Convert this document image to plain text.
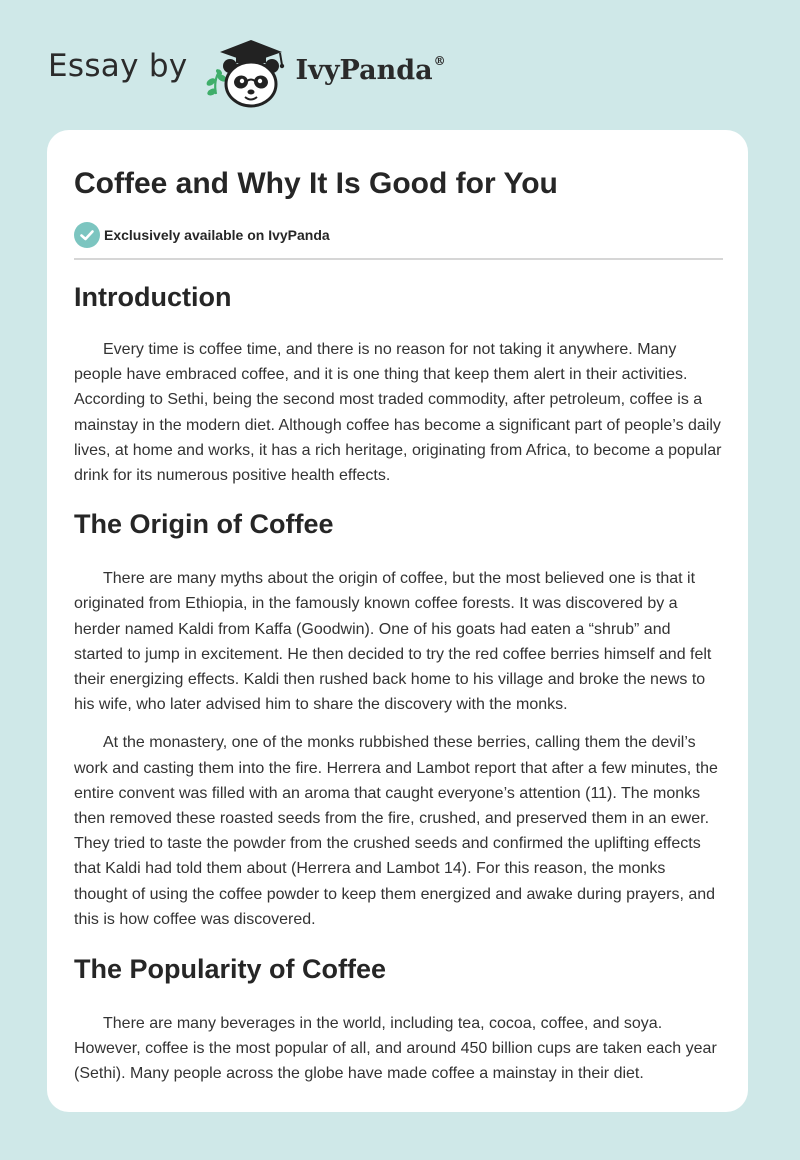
Essay by	IvyPanda®
Coffee and Why It Is Good for You
Exclusively available on IvyPanda
Introduction

Every time is coffee time, and there is no reason for not taking it anywhere. Many people have embraced coffee, and it is one thing that keep them alert in their activities. According to Sethi, being the second most traded commodity, after petroleum, coffee is a mainstay in the modern diet. Although coffee has become a significant part of people’s daily lives, at home and works, it has a rich heritage, originating from Africa, to become a popular drink for its numerous positive health effects.

The Origin of Coffee

There are many myths about the origin of coffee, but the most believed one is that it originated from Ethiopia, in the famously known coffee forests. It was discovered by a herder named Kaldi from Kaffa (Goodwin). One of his goats had eaten a “shrub” and started to jump in excitement. He then decided to try the red coffee berries himself and felt their energizing effects. Kaldi then rushed back home to his village and broke the news to his wife, who later advised him to share the discovery with the monks.

At the monastery, one of the monks rubbished these berries, calling them the devil’s work and casting them into the fire. Herrera and Lambot report that after a few minutes, the entire convent was filled with an aroma that caught everyone’s attention (11). The monks then removed these roasted seeds from the fire, crushed, and preserved them in an ewer. They tried to taste the powder from the crushed seeds and confirmed the uplifting effects that Kaldi had told them about (Herrera and Lambot 14). For this reason, the monks thought of using the coffee powder to keep them energized and awake during prayers, and this is how coffee was discovered.

The Popularity of Coffee

There are many beverages in the world, including tea, cocoa, coffee, and soya. However, coffee is the most popular of all, and around 450 billion cups are taken each year (Sethi). Many people across the globe have made coffee a mainstay in their diet.
